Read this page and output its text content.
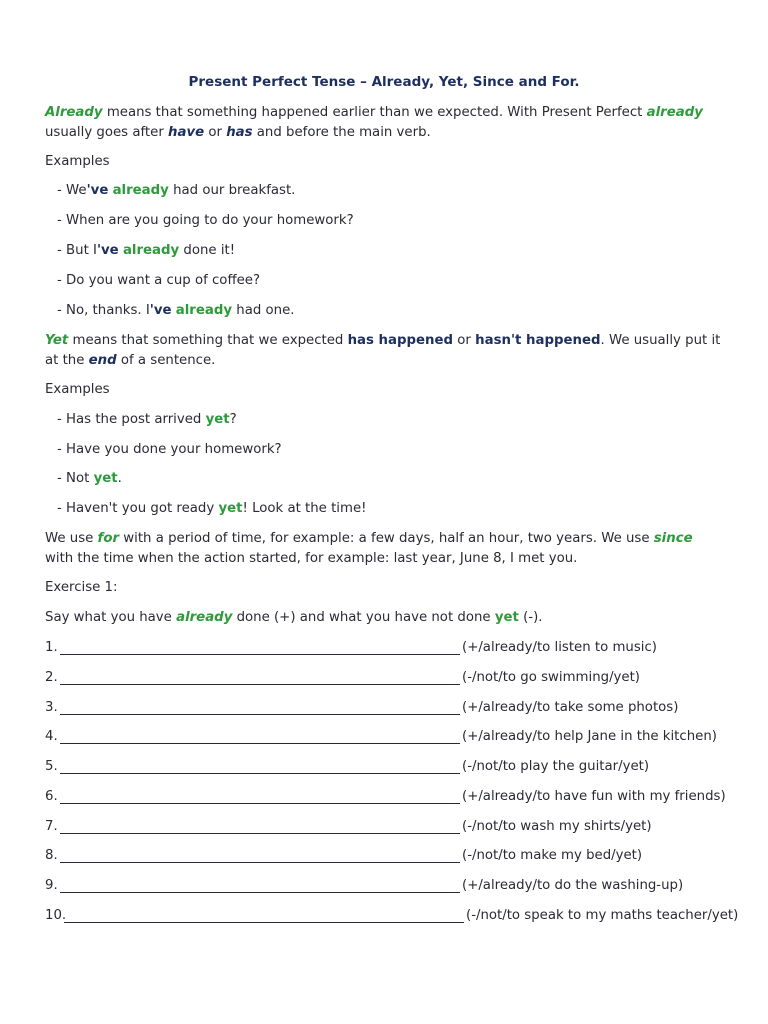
Present Perfect Tense – Already, Yet, Since and For.
Already means that something happened earlier than we expected. With Present Perfect already usually goes after have or has and before the main verb.
Examples
- We've already had our breakfast.
- When are you going to do your homework?
- But I've already done it!
- Do you want a cup of coffee?
- No, thanks. I've already had one.
Yet means that something that we expected has happened or hasn't happened. We usually put it at the end of a sentence.
Examples
- Has the post arrived yet?
- Have you done your homework?
- Not yet.
- Haven't you got ready yet! Look at the time!
We use for with a period of time, for example: a few days, half an hour, two years. We use since with the time when the action started, for example: last year, June 8, I met you.
Exercise 1:
Say what you have already done (+) and what you have not done yet (-).
1.	(+/already/to listen to music)
2.	(-/not/to go swimming/yet)
3.	(+/already/to take some photos)
4.	(+/already/to help Jane in the kitchen)
5.	(-/not/to play the guitar/yet)
6.	(+/already/to have fun with my friends)
7.	(-/not/to wash my shirts/yet)
8.	(-/not/to make my bed/yet)
9.	(+/already/to do the washing-up)
10.	(-/not/to speak to my maths teacher/yet)
